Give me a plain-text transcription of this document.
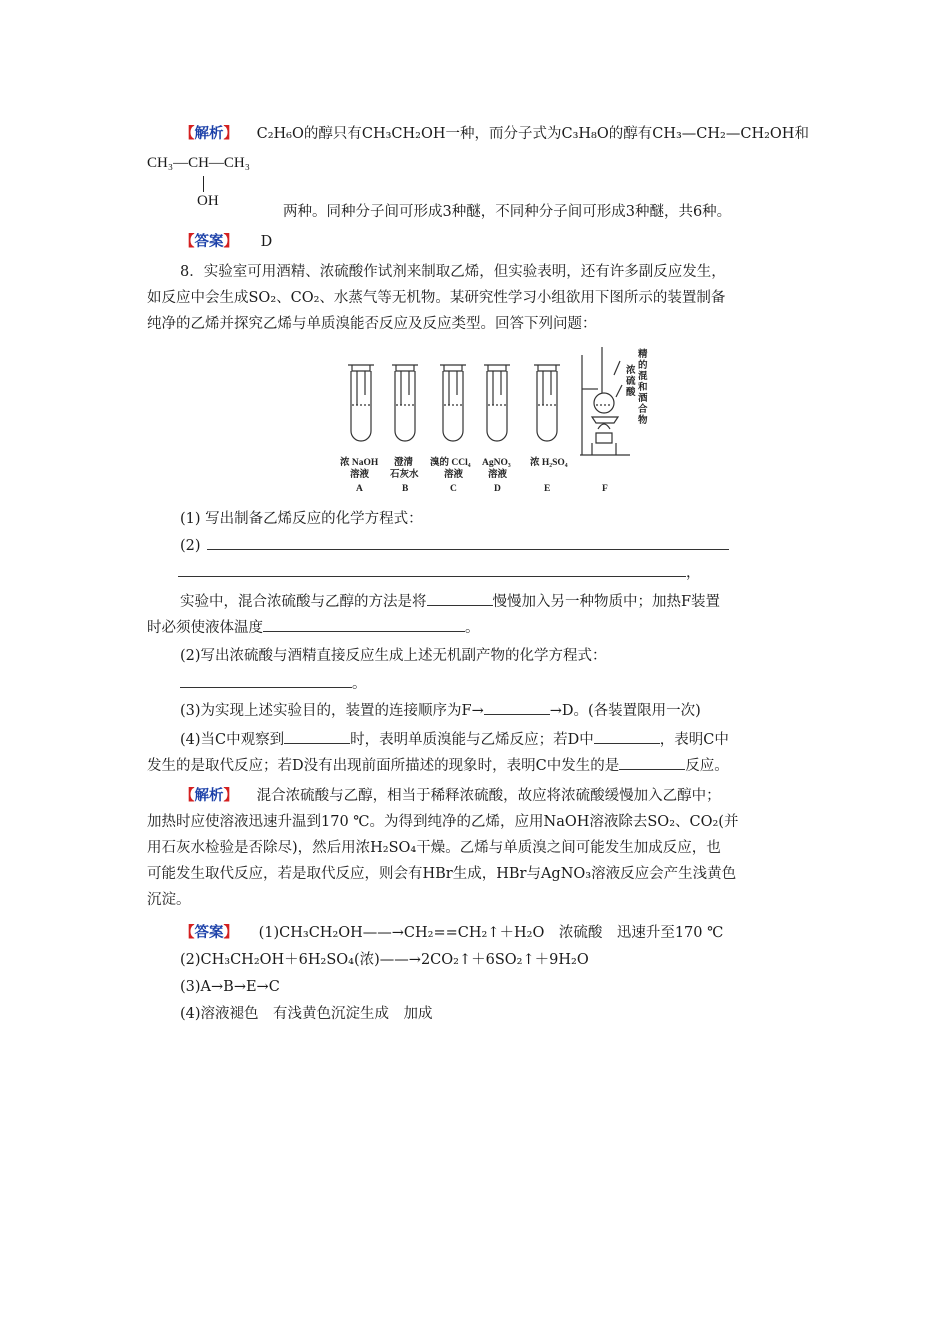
【解析】 C₂H₆O的醇只有CH₃CH₂OH一种，而分子式为C₃H₈O的醇有CH₃—CH₂—CH₂OH和
CH₃—CH—CH₃
OH
两种。同种分子间可形成3种醚，不同种分子间可形成3种醚，共6种。
【答案】 D
8．实验室可用酒精、浓硫酸作试剂来制取乙烯，但实验表明，还有许多副反应发生，
如反应中会生成SO₂、CO₂、水蒸气等无机物。某研究性学习小组欲用下图所示的装置制备
纯净的乙烯并探究乙烯与单质溴能否反应及反应类型。回答下列问题：
浓 NaOH
溶液
A
澄清
石灰水
B
溴的 CCl₄
溶液
C
AgNO₃
溶液
D
浓 H₂SO₄
E	F
浓硫酸
精的混和酒合物
(1) 写出制备乙烯反应的化学方程式：
(2)
，
实验中，混合浓硫酸与乙醇的方法是将	慢慢加入另一种物质中；加热F装置
时必须使液体温度	。
(2)写出浓硫酸与酒精直接反应生成上述无机副产物的化学方程式：
。
(3)为实现上述实验目的，装置的连接顺序为F→	→D。(各装置限用一次)
(4)当C中观察到	时，表明单质溴能与乙烯反应；若D中	，表明C中
发生的是取代反应；若D没有出现前面所描述的现象时，表明C中发生的是	反应。
【解析】 混合浓硫酸与乙醇，相当于稀释浓硫酸，故应将浓硫酸缓慢加入乙醇中；
加热时应使溶液迅速升温到170 ℃。为得到纯净的乙烯，应用NaOH溶液除去SO₂、CO₂(并
用石灰水检验是否除尽)，然后用浓H₂SO₄干燥。乙烯与单质溴之间可能发生加成反应，也
可能发生取代反应，若是取代反应，则会有HBr生成，HBr与AgNO₃溶液反应会产生浅黄色
沉淀。
【答案】 (1)CH₃CH₂OH——→CH₂==CH₂↑＋H₂O　浓硫酸　迅速升至170 ℃
(2)CH₃CH₂OH＋6H₂SO₄(浓)——→2CO₂↑＋6SO₂↑＋9H₂O
(3)A→B→E→C
(4)溶液褪色　有浅黄色沉淀生成　加成
